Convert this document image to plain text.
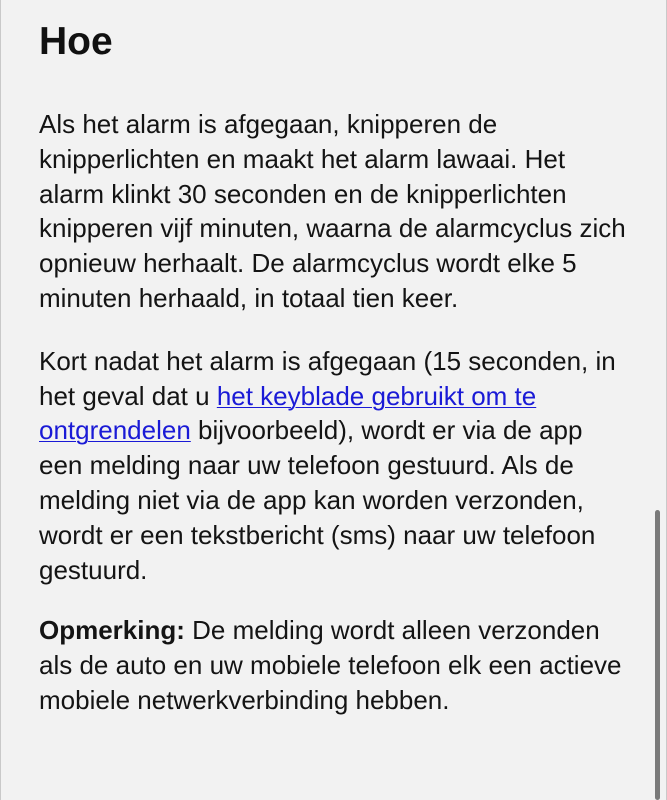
Hoe

Als het alarm is afgegaan, knipperen de knipperlichten en maakt het alarm lawaai. Het alarm klinkt 30 seconden en de knipperlichten knipperen vijf minuten, waarna de alarmcyclus zich opnieuw herhaalt. De alarmcyclus wordt elke 5 minuten herhaald, in totaal tien keer.

Kort nadat het alarm is afgegaan (15 seconden, in het geval dat u het keyblade gebruikt om te ontgrendelen bijvoorbeeld), wordt er via de app een melding naar uw telefoon gestuurd. Als de melding niet via de app kan worden verzonden, wordt er een tekstbericht (sms) naar uw telefoon gestuurd.

Opmerking: De melding wordt alleen verzonden als de auto en uw mobiele telefoon elk een actieve mobiele netwerkverbinding hebben.
